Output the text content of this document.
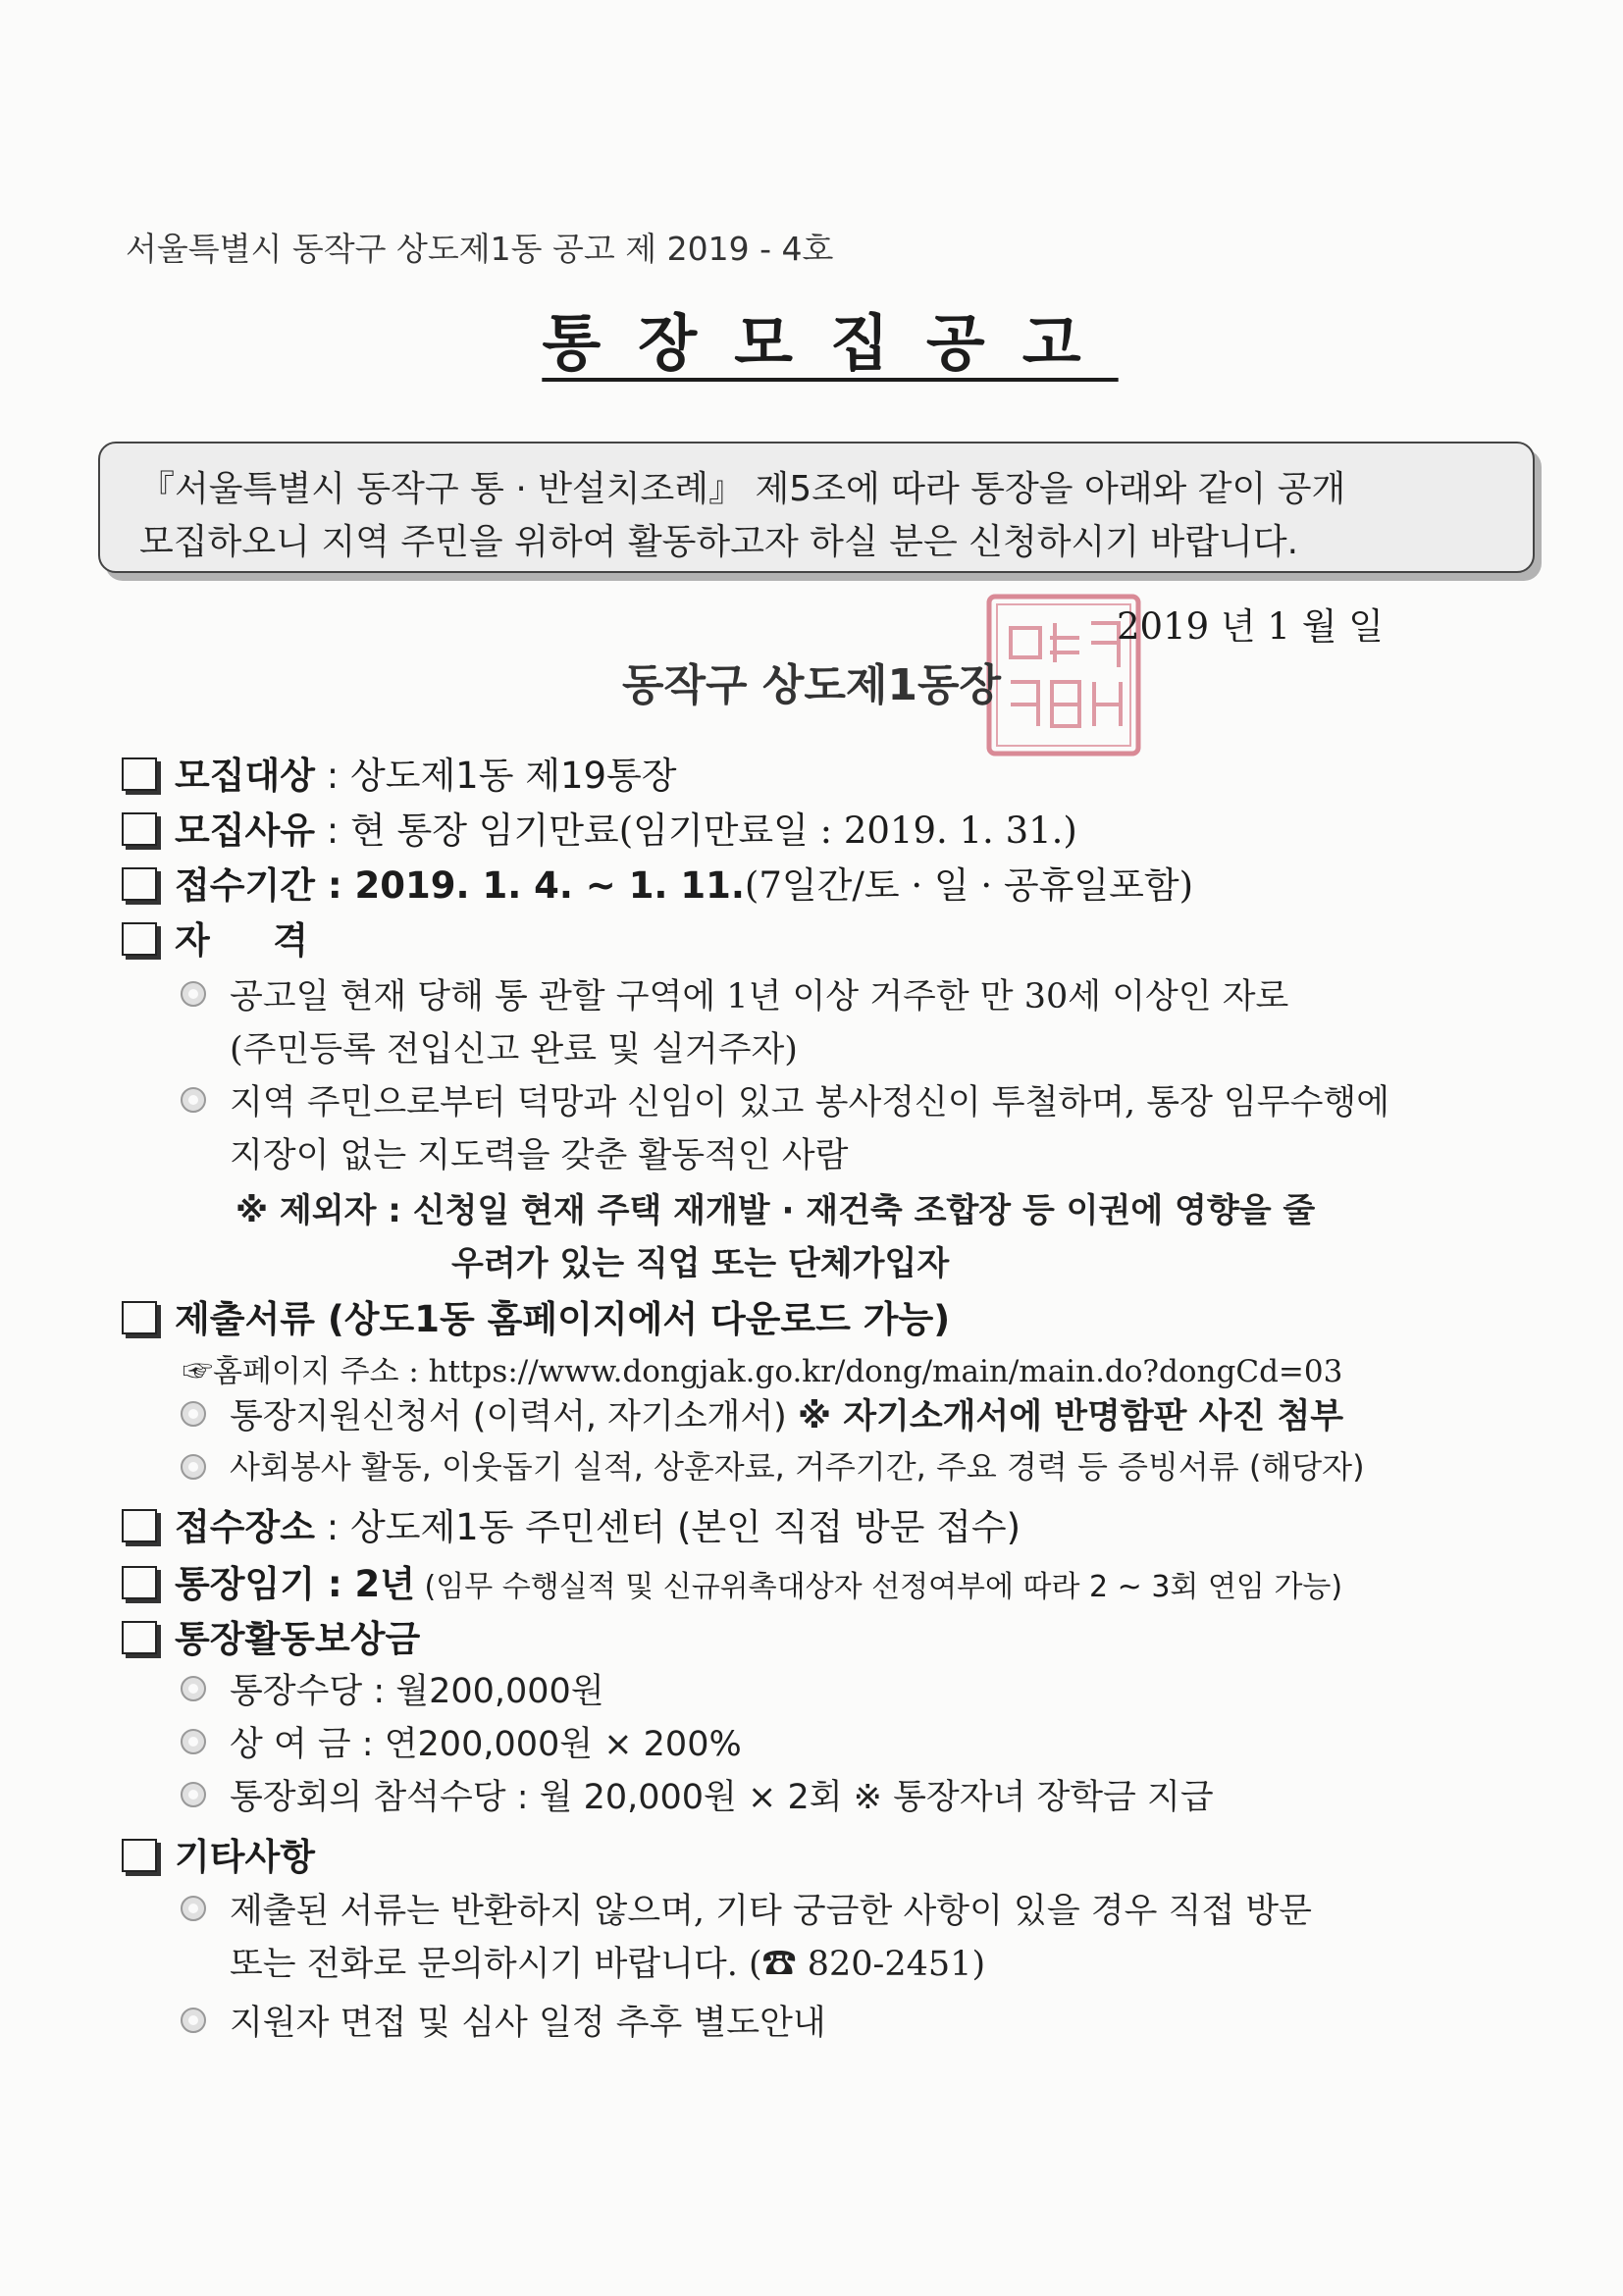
서울특별시 동작구 상도제1동 공고 제 2019 - 4호
통장모집공고
『서울특별시 동작구 통 · 반설치조례』 제5조에 따라 통장을 아래와 같이 공개
모집하오니 지역 주민을 위하여 활동하고자 하실 분은 신청하시기 바랍니다.
2019 년 1 월 일
동작구 상도제1동장
모집대상 : 상도제1동 제19통장
모집사유 : 현 통장 임기만료(임기만료일 : 2019. 1. 31.)
접수기간 : 2019. 1. 4. ~ 1. 11.(7일간/토 · 일 · 공휴일포함)
자     격
공고일 현재 당해 통 관할 구역에 1년 이상 거주한 만 30세 이상인 자로
(주민등록 전입신고 완료 및 실거주자)
지역 주민으로부터 덕망과 신임이 있고 봉사정신이 투철하며, 통장 임무수행에
지장이 없는 지도력을 갖춘 활동적인 사람
※ 제외자 : 신청일 현재 주택 재개발 · 재건축 조합장 등 이권에 영향을 줄
우려가 있는 직업 또는 단체가입자
제출서류 (상도1동 홈페이지에서 다운로드 가능)
☞홈페이지 주소 : https://www.dongjak.go.kr/dong/main/main.do?dongCd=03
통장지원신청서 (이력서, 자기소개서) ※ 자기소개서에 반명함판 사진 첨부
사회봉사 활동, 이웃돕기 실적, 상훈자료, 거주기간, 주요 경력 등 증빙서류 (해당자)
접수장소 : 상도제1동 주민센터 (본인 직접 방문 접수)
통장임기 : 2년 (임무 수행실적 및 신규위촉대상자 선정여부에 따라 2 ~ 3회 연임 가능)
통장활동보상금
통장수당 : 월200,000원
상 여 금 : 연200,000원 × 200%
통장회의 참석수당 : 월 20,000원 × 2회 ※ 통장자녀 장학금 지급
기타사항
제출된 서류는 반환하지 않으며, 기타 궁금한 사항이 있을 경우 직접 방문
또는 전화로 문의하시기 바랍니다. (☎ 820-2451)
지원자 면접 및 심사 일정 추후 별도안내
